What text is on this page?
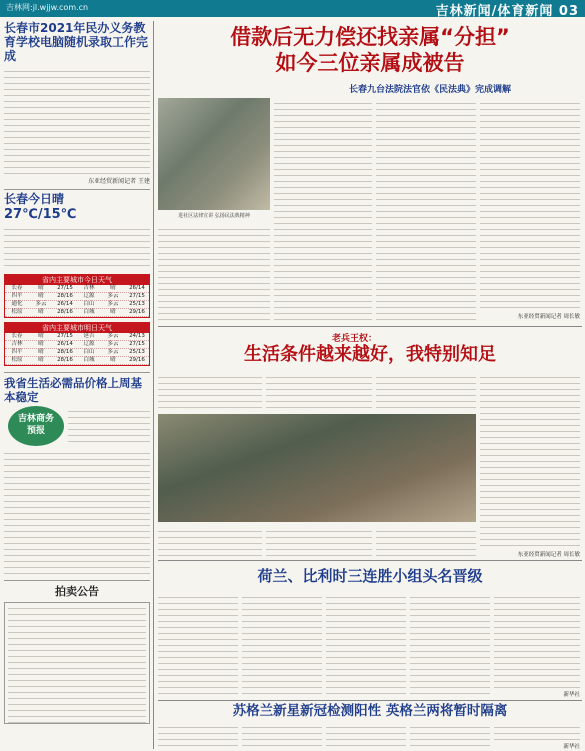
吉林网:jl.wjjw.com.cn	吉林新闻/体育新闻 03
长春市2021年民办义务教育学校电脑随机录取工作完成
东亚经贸新闻记者 王建
长春今日晴
27℃/15℃
省内主要城市今日天气
长春	晴	27/15	吉林	晴	26/14
四平	晴	28/16	辽源	多云	27/15
通化	多云	26/14	白山	多云	25/13
松原	晴	28/16	白城	晴	29/16
省内主要城市明日天气
长春	晴	27/15	延吉	多云	24/13
吉林	晴	26/14	辽源	多云	27/15
四平	晴	28/16	白山	多云	25/13
松原	晴	28/16	白城	晴	29/16
我省生活必需品价格上周基本稳定
吉林商务
预报
拍卖公告
借款后无力偿还找亲属“分担”
如今三位亲属成被告
长春九台法院法官依《民法典》完成调解
进社区法律宣讲 弘扬民法典精神
东亚经贸新闻记者 周长敏
老兵王权：
生活条件越来越好，我特别知足
东亚经贸新闻记者 周长敏
荷兰、比利时三连胜小组头名晋级
新华社
苏格兰新星新冠检测阳性 英格兰两将暂时隔离
新华社
